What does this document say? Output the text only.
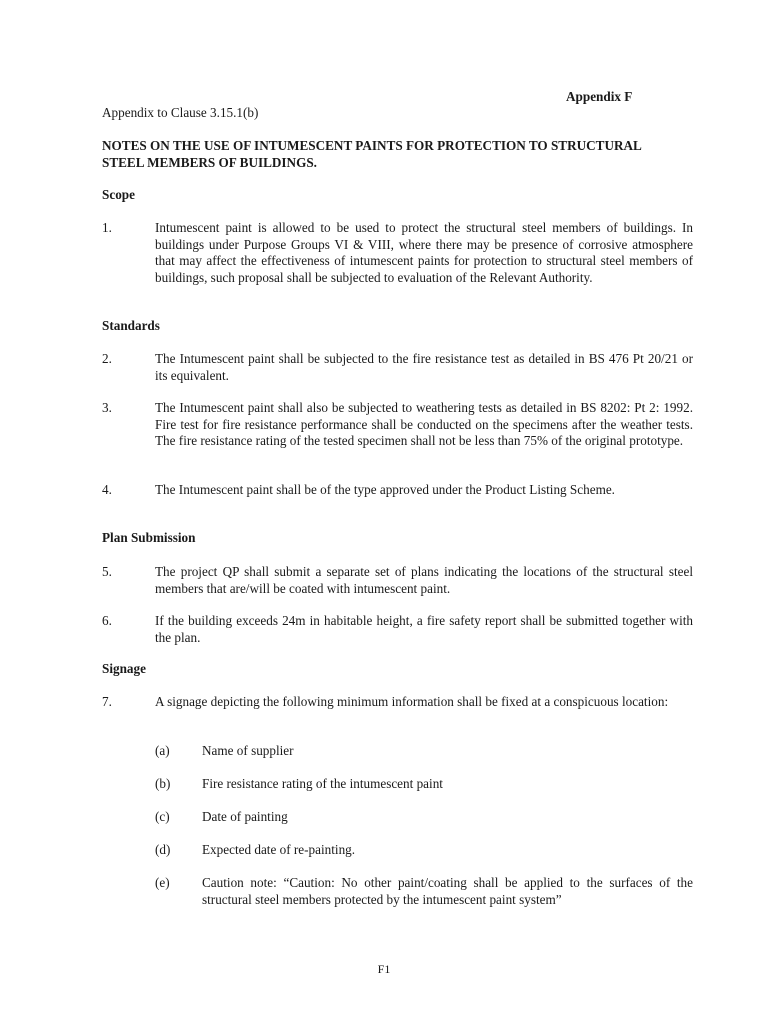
Appendix F
Appendix to Clause 3.15.1(b)
NOTES ON THE USE OF INTUMESCENT PAINTS FOR PROTECTION TO STRUCTURAL STEEL MEMBERS OF BUILDINGS.
Scope
1.	Intumescent paint is allowed to be used to protect the structural steel members of buildings. In buildings under Purpose Groups VI & VIII, where there may be presence of corrosive atmosphere that may affect the effectiveness of intumescent paints for protection to structural steel members of buildings, such proposal shall be subjected to evaluation of the Relevant Authority.
Standards
2.	The Intumescent paint shall be subjected to the fire resistance test as detailed in BS 476 Pt 20/21 or its equivalent.
3.	The Intumescent paint shall also be subjected to weathering tests as detailed in BS 8202: Pt 2: 1992. Fire test for fire resistance performance shall be conducted on the specimens after the weather tests. The fire resistance rating of the tested specimen shall not be less than 75% of the original prototype.
4.	The Intumescent paint shall be of the type approved under the Product Listing Scheme.
Plan Submission
5.	The project QP shall submit a separate set of plans indicating the locations of the structural steel members that are/will be coated with intumescent paint.
6.	If the building exceeds 24m in habitable height, a fire safety report shall be submitted together with the plan.
Signage
7.	A signage depicting the following minimum information shall be fixed at a conspicuous location:
(a) Name of supplier
(b) Fire resistance rating of the intumescent paint
(c) Date of painting
(d) Expected date of re-painting.
(e) Caution note: “Caution: No other paint/coating shall be applied to the surfaces of the structural steel members protected by the intumescent paint system”
F1
